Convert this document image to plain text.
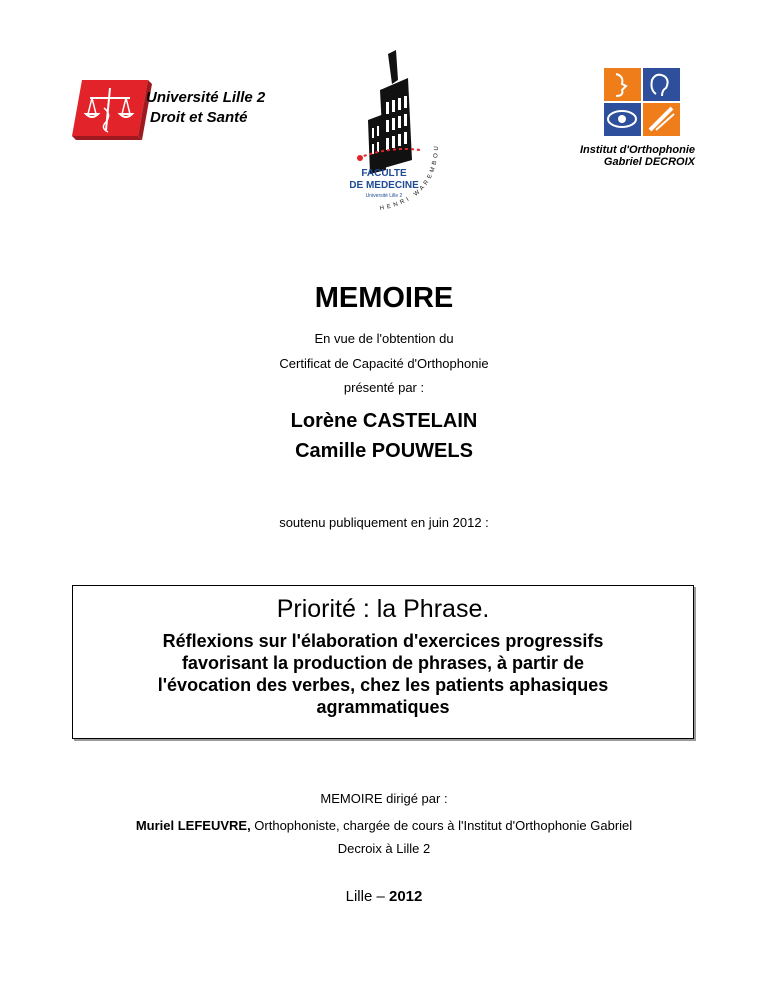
Université Lille 2
Droit et Santé
FACULTE
DE MEDECINE
Université Lille 2
HENRI WAREMBOU	Institut d'Orthophonie
Gabriel DECROIX
MEMOIRE
En vue de l'obtention du
Certificat de Capacité d'Orthophonie
présenté par :
Lorène CASTELAIN
Camille POUWELS
soutenu publiquement en juin 2012 :
Priorité : la Phrase.
Réflexions sur l'élaboration d'exercices progressifs
favorisant la production de phrases, à partir de
l'évocation des verbes, chez les patients aphasiques
agrammatiques
MEMOIRE dirigé par :
Muriel LEFEUVRE, Orthophoniste, chargée de cours à l'Institut d'Orthophonie Gabriel
Decroix à Lille 2
Lille – 2012
